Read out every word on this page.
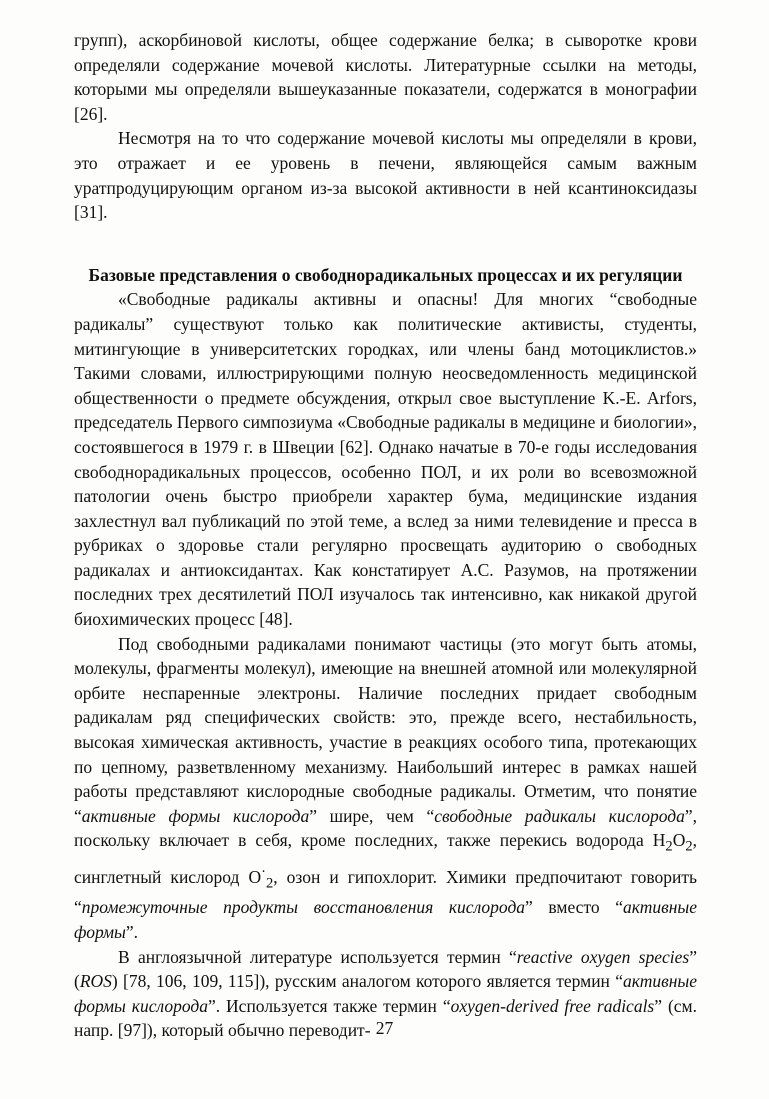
групп), аскорбиновой кислоты, общее содержание белка; в сыворотке крови определяли содержание мочевой кислоты. Литературные ссылки на методы, которыми мы определяли вышеуказанные показатели, содержатся в монографии [26].

Несмотря на то что содержание мочевой кислоты мы определяли в крови, это отражает и ее уровень в печени, являющейся самым важным уратпродуцирующим органом из-за высокой активности в ней ксантиноксидазы [31].

Базовые представления о свободнорадикальных процессах и их регуляции

«Свободные радикалы активны и опасны! Для многих “свободные радикалы” существуют только как политические активисты, студенты, митингующие в университетских городках, или члены банд мотоциклистов.» Такими словами, иллюстрирующими полную неосведомленность медицинской общественности о предмете обсуждения, открыл свое выступление K.-E. Arfors, председатель Первого симпозиума «Свободные радикалы в медицине и биологии», состоявшегося в 1979 г. в Швеции [62]. Однако начатые в 70-е годы исследования свободнорадикальных процессов, особенно ПОЛ, и их роли во всевозможной патологии очень быстро приобрели характер бума, медицинские издания захлестнул вал публикаций по этой теме, а вслед за ними телевидение и пресса в рубриках о здоровье стали регулярно просвещать аудиторию о свободных радикалах и антиоксидантах. Как констатирует А.С. Разумов, на протяжении последних трех десятилетий ПОЛ изучалось так интенсивно, как никакой другой биохимических процесс [48].

Под свободными радикалами понимают частицы (это могут быть атомы, молекулы, фрагменты молекул), имеющие на внешней атомной или молекулярной орбите неспаренные электроны. Наличие последних придает свободным радикалам ряд специфических свойств: это, прежде всего, нестабильность, высокая химическая активность, участие в реакциях особого типа, протекающих по цепному, разветвленному механизму. Наибольший интерес в рамках нашей работы представляют кислородные свободные радикалы. Отметим, что понятие “активные формы кислорода” шире, чем “свободные радикалы кислорода”, поскольку включает в себя, кроме последних, также перекись водорода $H_2O_2$, синглетный кислород $O^\cdot_2$, озон и гипохлорит. Химики предпочитают говорить “промежуточные продукты восстановления кислорода” вместо “активные формы”.

В англоязычной литературе используется термин “reactive oxygen species” (ROS) [78, 106, 109, 115]), русским аналогом которого является термин “активные формы кислорода”. Используется также термин “oxygen-derived free radicals” (см. напр. [97]), который обычно переводит- 27
